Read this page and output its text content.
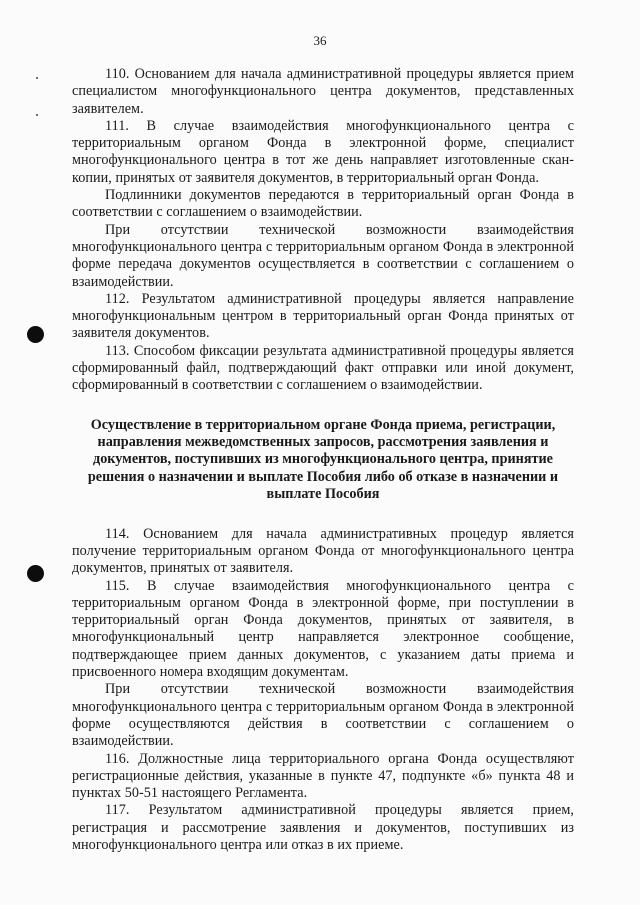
36

110. Основанием для начала административной процедуры является прием специалистом многофункционального центра документов, представленных заявителем.

111. В случае взаимодействия многофункционального центра с территориальным органом Фонда в электронной форме, специалист многофункционального центра в тот же день направляет изготовленные скан-копии, принятых от заявителя документов, в территориальный орган Фонда.

Подлинники документов передаются в территориальный орган Фонда в соответствии с соглашением о взаимодействии.

При отсутствии технической возможности взаимодействия многофункционального центра с территориальным органом Фонда в электронной форме передача документов осуществляется в соответствии с соглашением о взаимодействии.

112. Результатом административной процедуры является направление многофункциональным центром в территориальный орган Фонда принятых от заявителя документов.

113. Способом фиксации результата административной процедуры является сформированный файл, подтверждающий факт отправки или иной документ, сформированный в соответствии с соглашением о взаимодействии.

Осуществление в территориальном органе Фонда приема, регистрации, направления межведомственных запросов, рассмотрения заявления и документов, поступивших из многофункционального центра, принятие решения о назначении и выплате Пособия либо об отказе в назначении и выплате Пособия

114. Основанием для начала административных процедур является получение территориальным органом Фонда от многофункционального центра документов, принятых от заявителя.

115. В случае взаимодействия многофункционального центра с территориальным органом Фонда в электронной форме, при поступлении в территориальный орган Фонда документов, принятых от заявителя, в многофункциональный центр направляется электронное сообщение, подтверждающее прием данных документов, с указанием даты приема и присвоенного номера входящим документам.

При отсутствии технической возможности взаимодействия многофункционального центра с территориальным органом Фонда в электронной форме осуществляются действия в соответствии с соглашением о взаимодействии.

116. Должностные лица территориального органа Фонда осуществляют регистрационные действия, указанные в пункте 47, подпункте «б» пункта 48 и пунктах 50-51 настоящего Регламента.

117. Результатом административной процедуры является прием, регистрация и рассмотрение заявления и документов, поступивших из многофункционального центра или отказ в их приеме.
